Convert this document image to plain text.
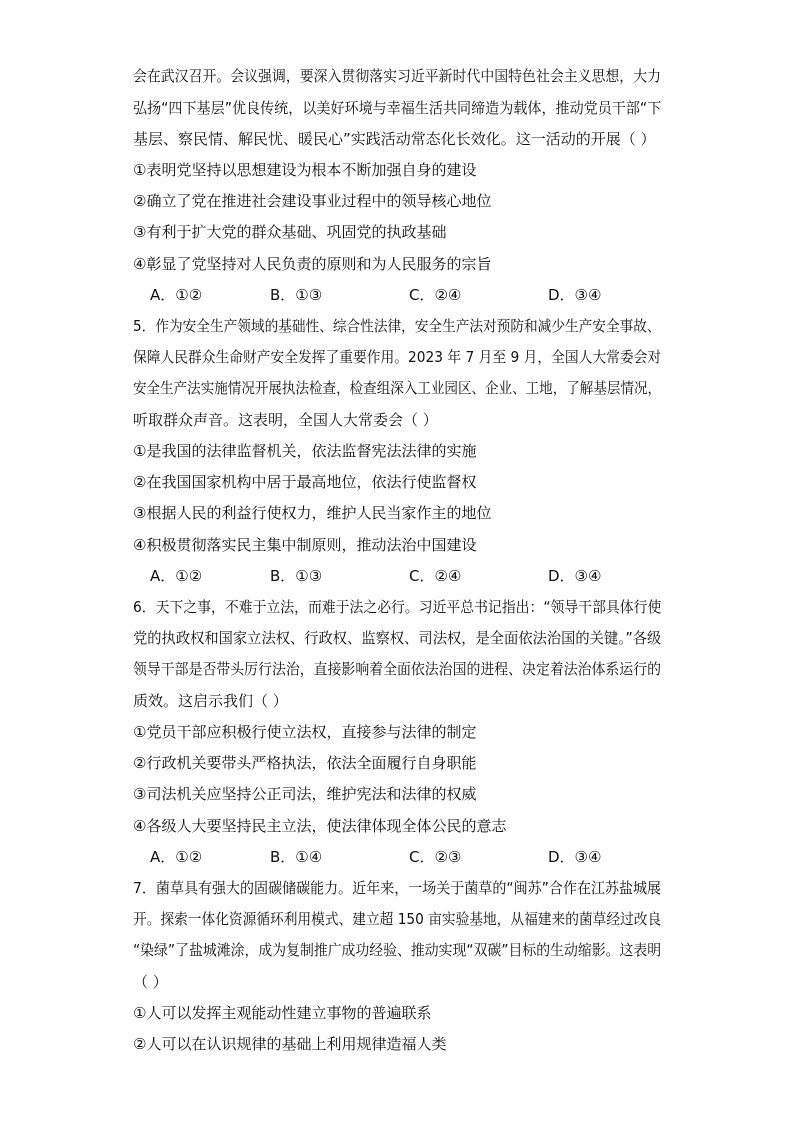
会在武汉召开。会议强调，要深入贯彻落实习近平新时代中国特色社会主义思想，大力
弘扬“四下基层”优良传统，以美好环境与幸福生活共同缔造为载体，推动党员干部“下
基层、察民情、解民忧、暖民心”实践活动常态化长效化。这一活动的开展（ ）
①表明党坚持以思想建设为根本不断加强自身的建设
②确立了党在推进社会建设事业过程中的领导核心地位
③有利于扩大党的群众基础、巩固党的执政基础
④彰显了党坚持对人民负责的原则和为人民服务的宗旨
A．①②	B．①③	C．②④	D．③④
5．作为安全生产领域的基础性、综合性法律，安全生产法对预防和减少生产安全事故、
保障人民群众生命财产安全发挥了重要作用。2023 年 7 月至 9 月，全国人大常委会对
安全生产法实施情况开展执法检查，检查组深入工业园区、企业、工地，了解基层情况，
听取群众声音。这表明，全国人大常委会（ ）
①是我国的法律监督机关，依法监督宪法法律的实施
②在我国国家机构中居于最高地位，依法行使监督权
③根据人民的利益行使权力，维护人民当家作主的地位
④积极贯彻落实民主集中制原则，推动法治中国建设
A．①②	B．①③	C．②④	D．③④
6．天下之事，不难于立法，而难于法之必行。习近平总书记指出：“领导干部具体行使
党的执政权和国家立法权、行政权、监察权、司法权，是全面依法治国的关键。”各级
领导干部是否带头厉行法治，直接影响着全面依法治国的进程、决定着法治体系运行的
质效。这启示我们（ ）
①党员干部应积极行使立法权，直接参与法律的制定
②行政机关要带头严格执法，依法全面履行自身职能
③司法机关应坚持公正司法，维护宪法和法律的权威
④各级人大要坚持民主立法，使法律体现全体公民的意志
A．①②	B．①④	C．②③	D．③④
7．菌草具有强大的固碳储碳能力。近年来，一场关于菌草的“闽苏”合作在江苏盐城展
开。探索一体化资源循环利用模式、建立超 150 亩实验基地，从福建来的菌草经过改良
“染绿”了盐城滩涂，成为复制推广成功经验、推动实现“双碳”目标的生动缩影。这表明
（ ）
①人可以发挥主观能动性建立事物的普遍联系
②人可以在认识规律的基础上利用规律造福人类
